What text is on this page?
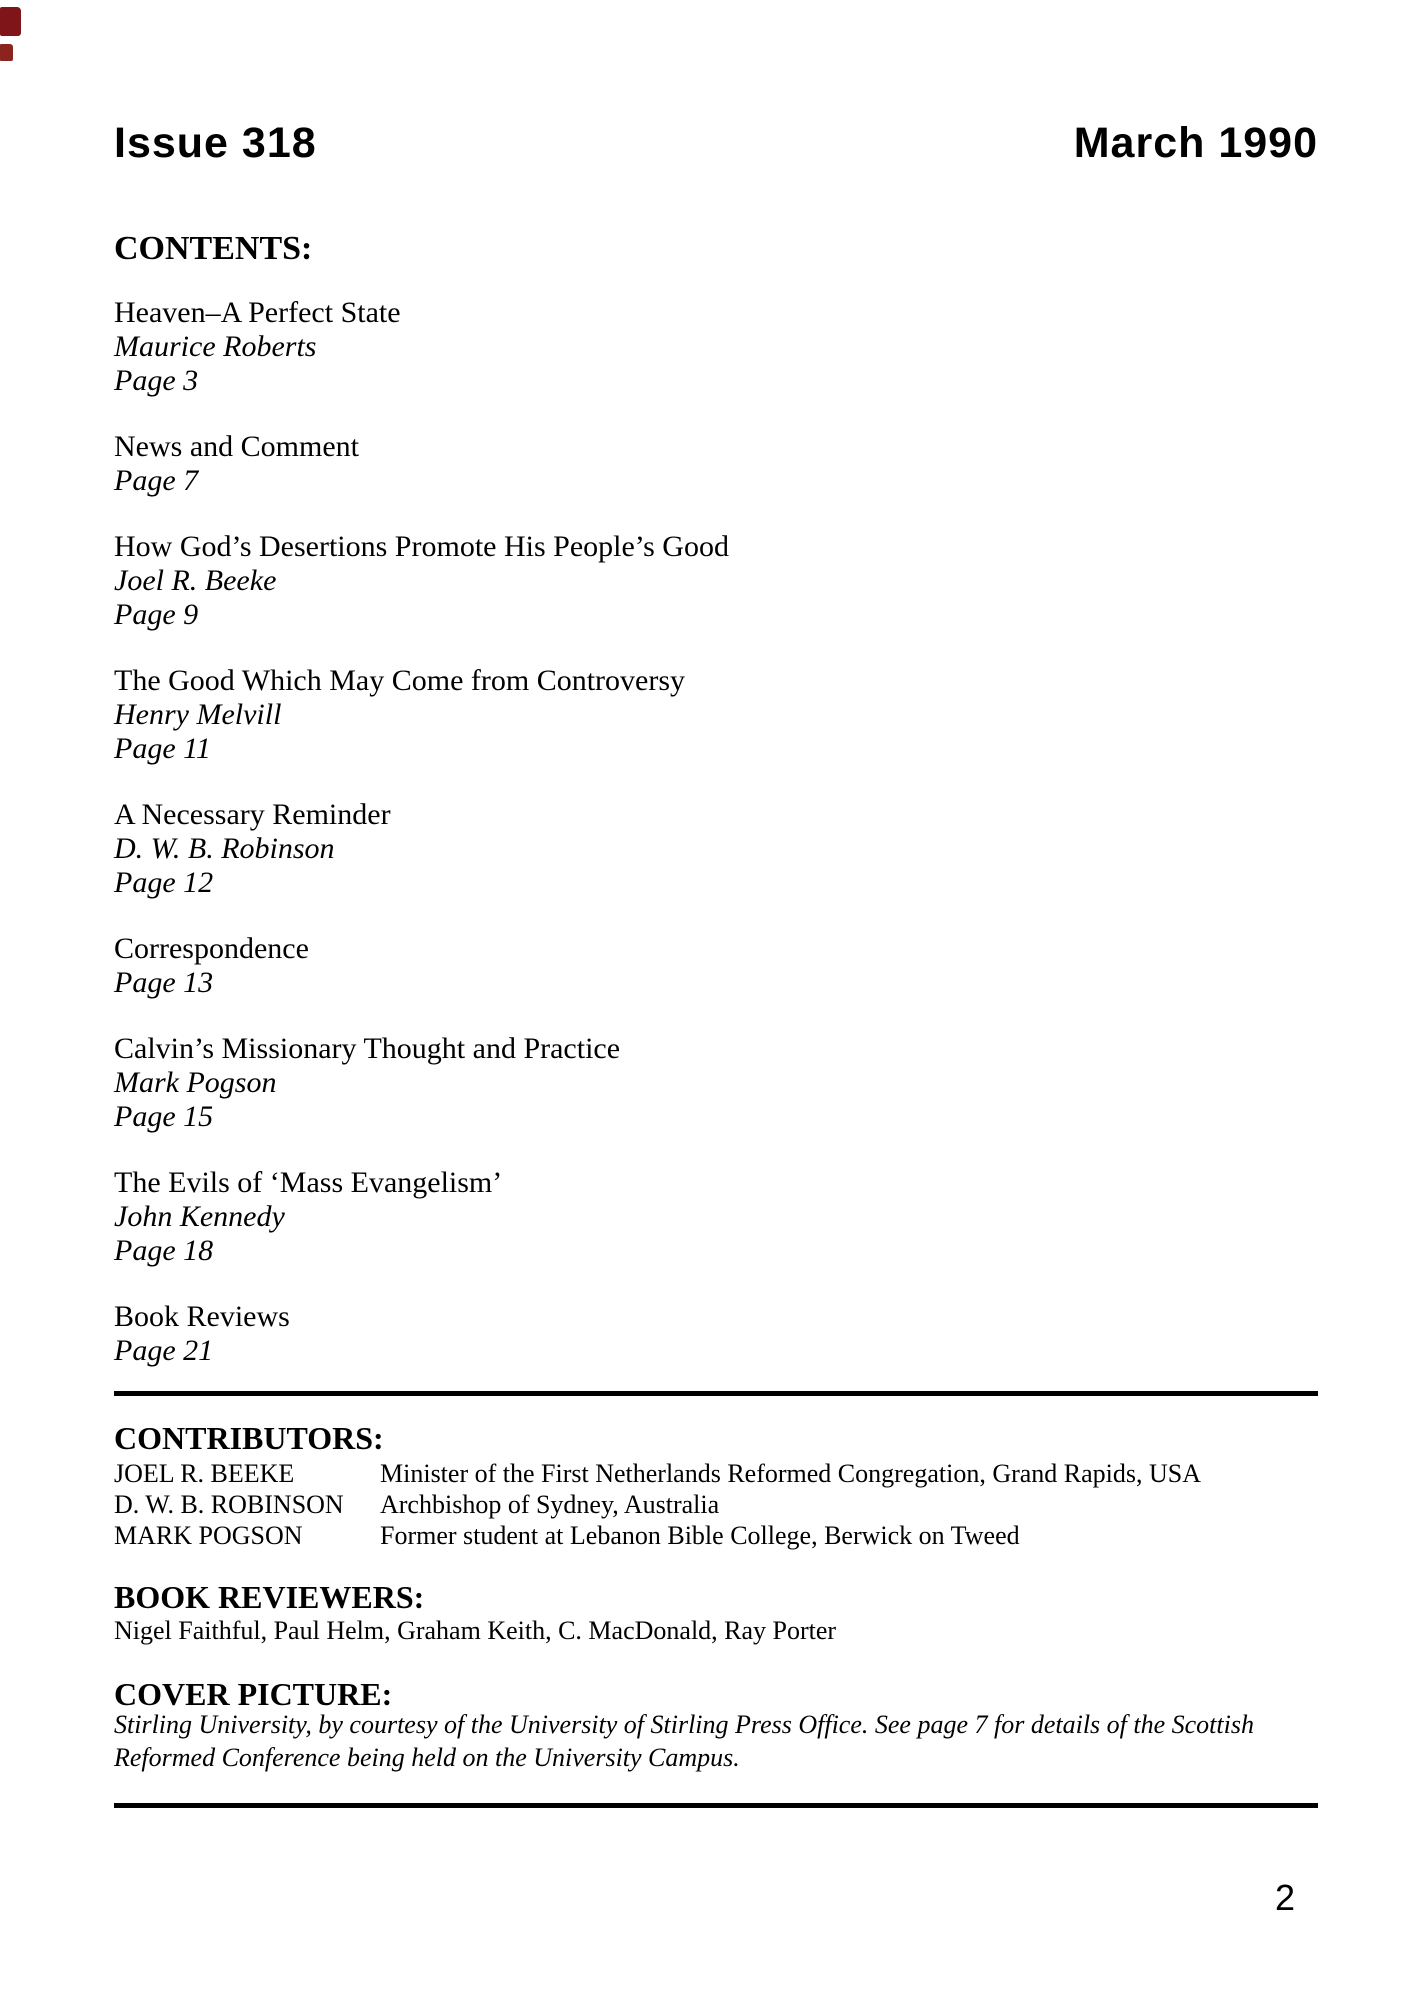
Issue 318	March 1990
CONTENTS:
Heaven–A Perfect State
Maurice Roberts
Page 3
News and Comment
Page 7
How God’s Desertions Promote His People’s Good
Joel R. Beeke
Page 9
The Good Which May Come from Controversy
Henry Melvill
Page 11
A Necessary Reminder
D. W. B. Robinson
Page 12
Correspondence
Page 13
Calvin’s Missionary Thought and Practice
Mark Pogson
Page 15
The Evils of ‘Mass Evangelism’
John Kennedy
Page 18
Book Reviews
Page 21
CONTRIBUTORS:
JOEL R. BEEKE	Minister of the First Netherlands Reformed Congregation, Grand Rapids, USA
D. W. B. ROBINSON	Archbishop of Sydney, Australia
MARK POGSON	Former student at Lebanon Bible College, Berwick on Tweed
BOOK REVIEWERS:
Nigel Faithful, Paul Helm, Graham Keith, C. MacDonald, Ray Porter
COVER PICTURE:
Stirling University, by courtesy of the University of Stirling Press Office. See page 7 for details of the Scottish
Reformed Conference being held on the University Campus.
2
